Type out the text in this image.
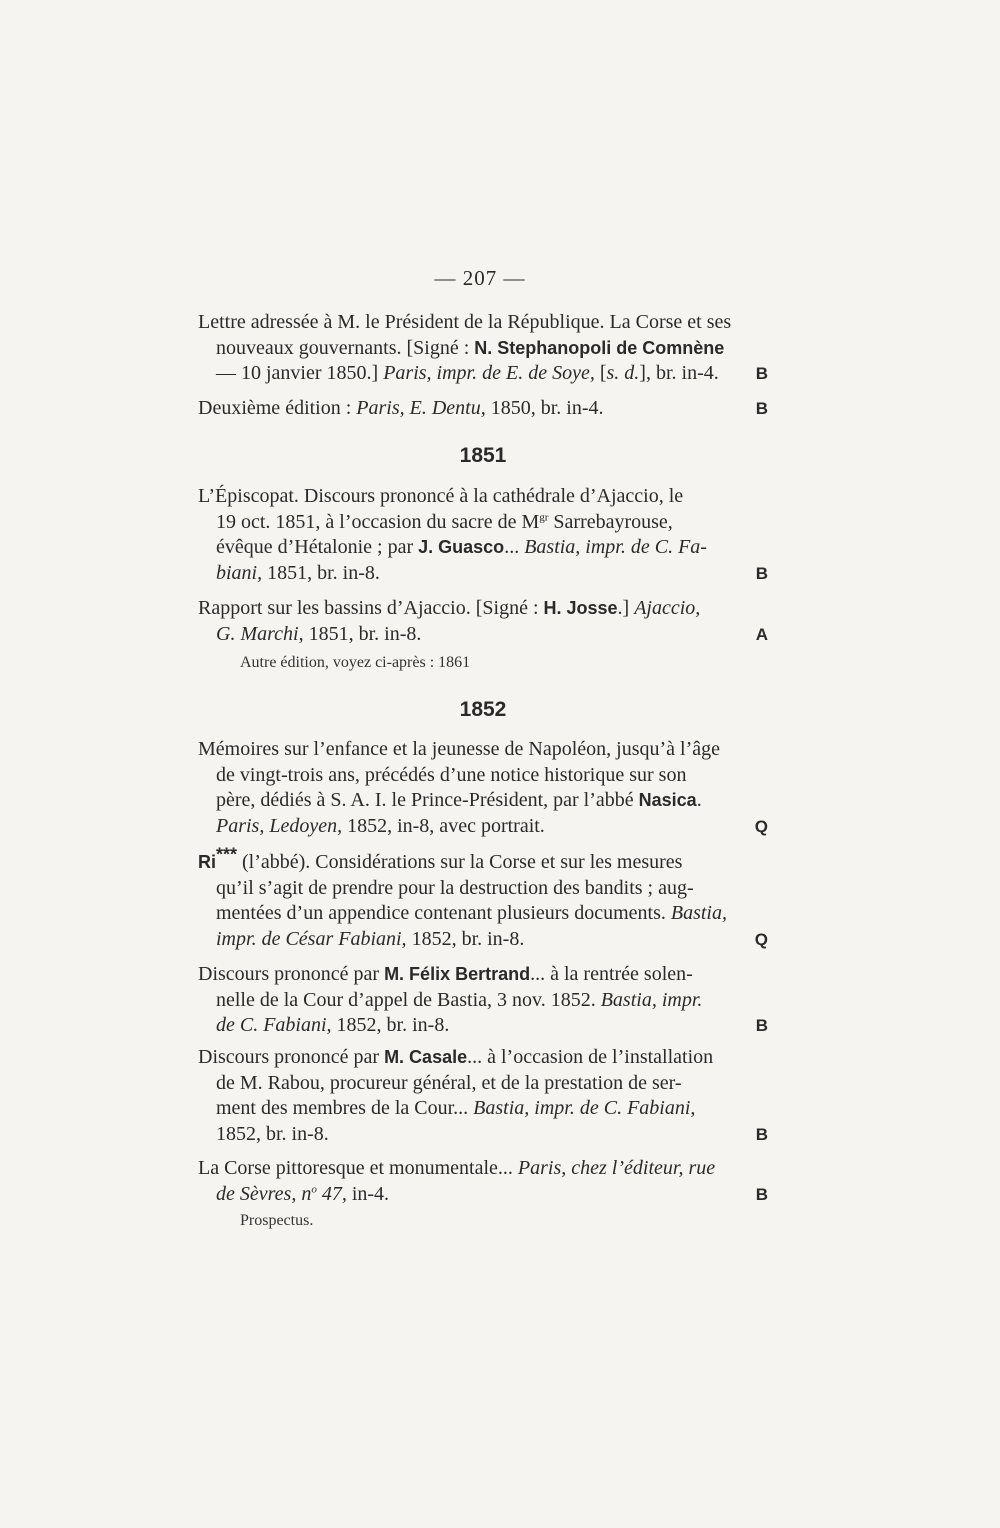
— 207 —
Lettre adressée à M. le Président de la République. La Corse et ses
nouveaux gouvernants. [Signé : N. Stephanopoli de Comnène
— 10 janvier 1850.] Paris, impr. de E. de Soye, [s. d.], br. in-4. B
Deuxième édition : Paris, E. Dentu, 1850, br. in-4.	B
1851
L’Épiscopat. Discours prononcé à la cathédrale d’Ajaccio, le
19 oct. 1851, à l’occasion du sacre de $M^{gr}$ Sarrebayrouse,
évêque d’Hétalonie ; par J. Guasco... Bastia, impr. de C. Fa-
biani, 1851, br. in-8.	B
Rapport sur les bassins d’Ajaccio. [Signé : H. Josse.] Ajaccio,
G. Marchi, 1851, br. in-8.	A
Autre édition, voyez ci-après : 1861
1852
Mémoires sur l’enfance et la jeunesse de Napoléon, jusqu’à l’âge
de vingt-trois ans, précédés d’une notice historique sur son
père, dédiés à S. A. I. le Prince-Président, par l’abbé Nasica.
Paris, Ledoyen, 1852, in-8, avec portrait.	Q
Ri*** (l’abbé). Considérations sur la Corse et sur les mesures
qu’il s’agit de prendre pour la destruction des bandits ; aug-
mentées d’un appendice contenant plusieurs documents. Bastia,
impr. de César Fabiani, 1852, br. in-8.	Q
Discours prononcé par M. Félix Bertrand... à la rentrée solen-
nelle de la Cour d’appel de Bastia, 3 nov. 1852. Bastia, impr.
de C. Fabiani, 1852, br. in-8.	B
Discours prononcé par M. Casale... à l’occasion de l’installation
de M. Rabou, procureur général, et de la prestation de ser-
ment des membres de la Cour... Bastia, impr. de C. Fabiani,
1852, br. in-8.	B
La Corse pittoresque et monumentale... Paris, chez l’éditeur, rue
de Sèvres, $n^o$ 47, in-4.	B
Prospectus.
